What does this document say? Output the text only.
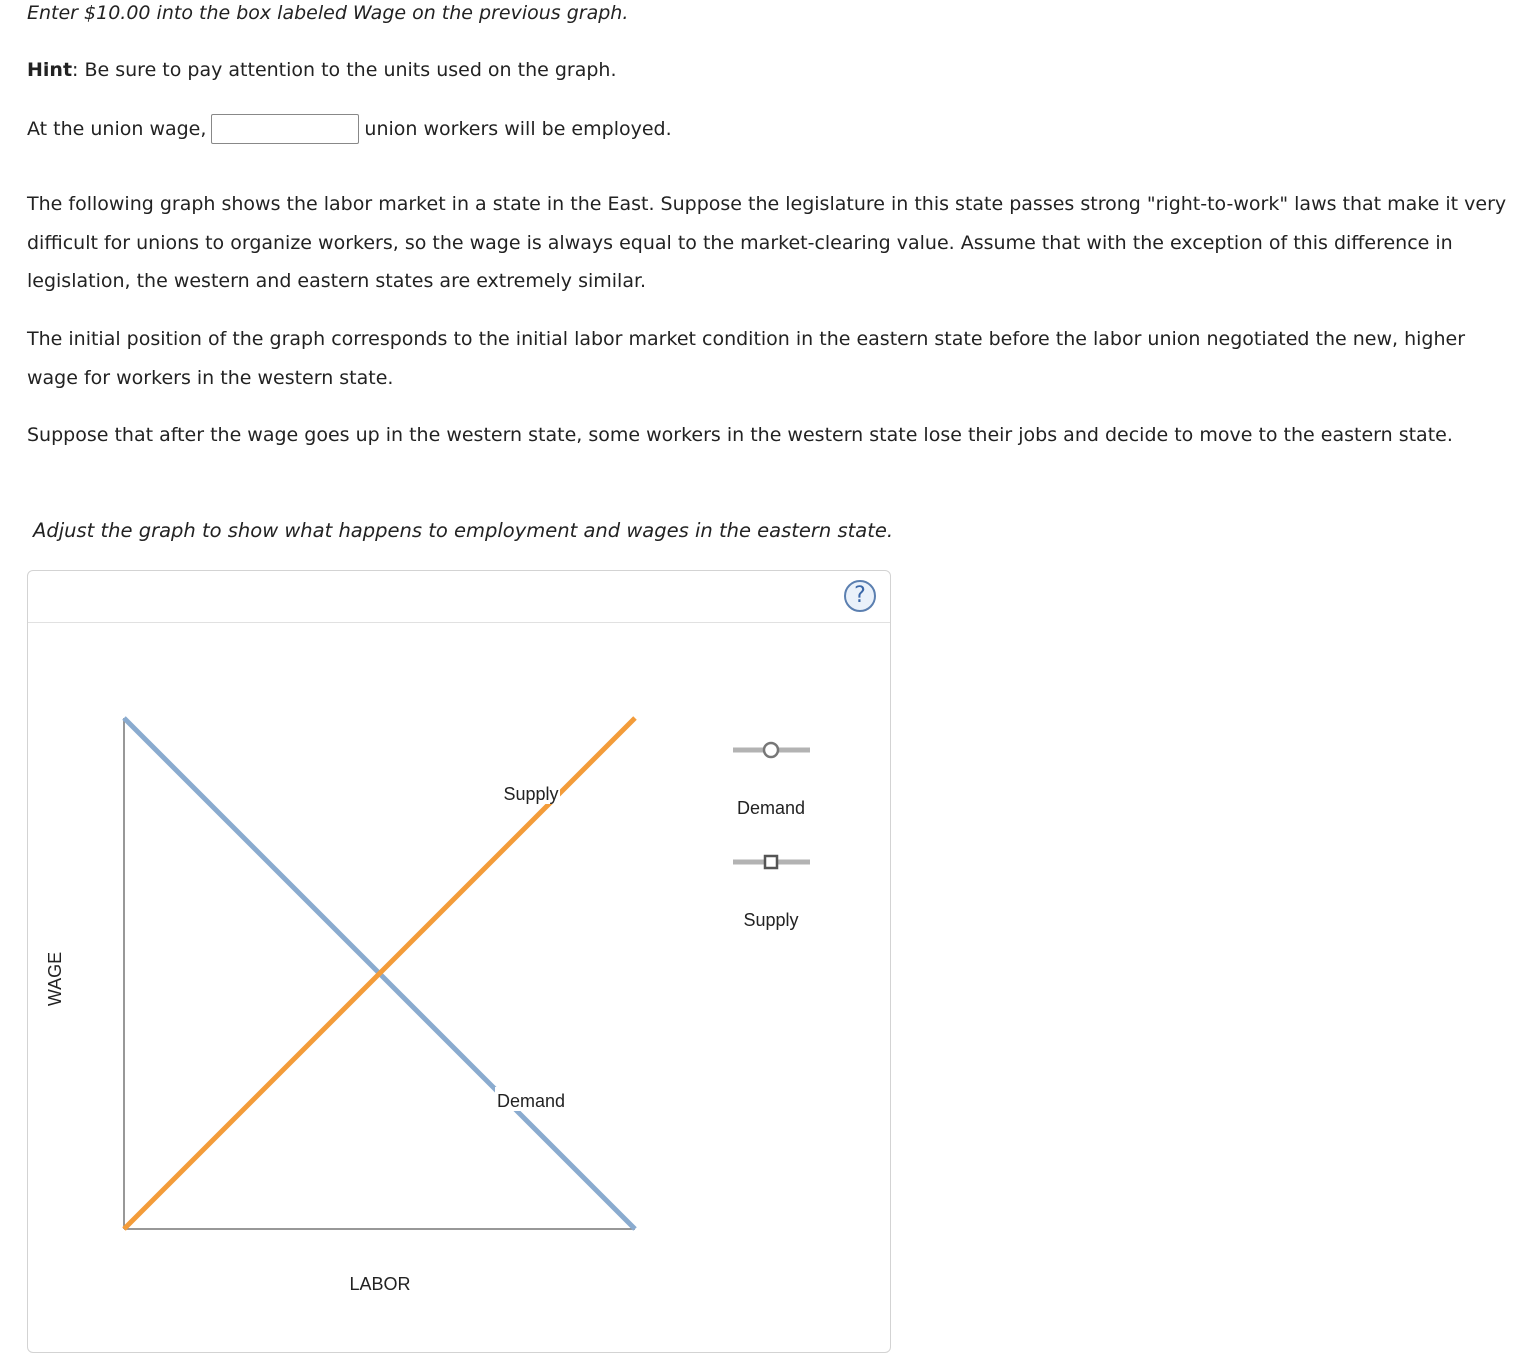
Enter $10.00 into the box labeled Wage on the previous graph.
Hint: Be sure to pay attention to the units used on the graph.
At the union wage,	union workers will be employed.

The following graph shows the labor market in a state in the East. Suppose the legislature in this state passes strong "right-to-work" laws that make it very difficult for unions to organize workers, so the wage is always equal to the market-clearing value. Assume that with the exception of this difference in legislation, the western and eastern states are extremely similar.

The initial position of the graph corresponds to the initial labor market condition in the eastern state before the labor union negotiated the new, higher wage for workers in the western state.

Suppose that after the wage goes up in the western state, some workers in the western state lose their jobs and decide to move to the eastern state.

Adjust the graph to show what happens to employment and wages in the eastern state.
?
WAGE
LABOR
Supply
Demand
Demand
Supply
